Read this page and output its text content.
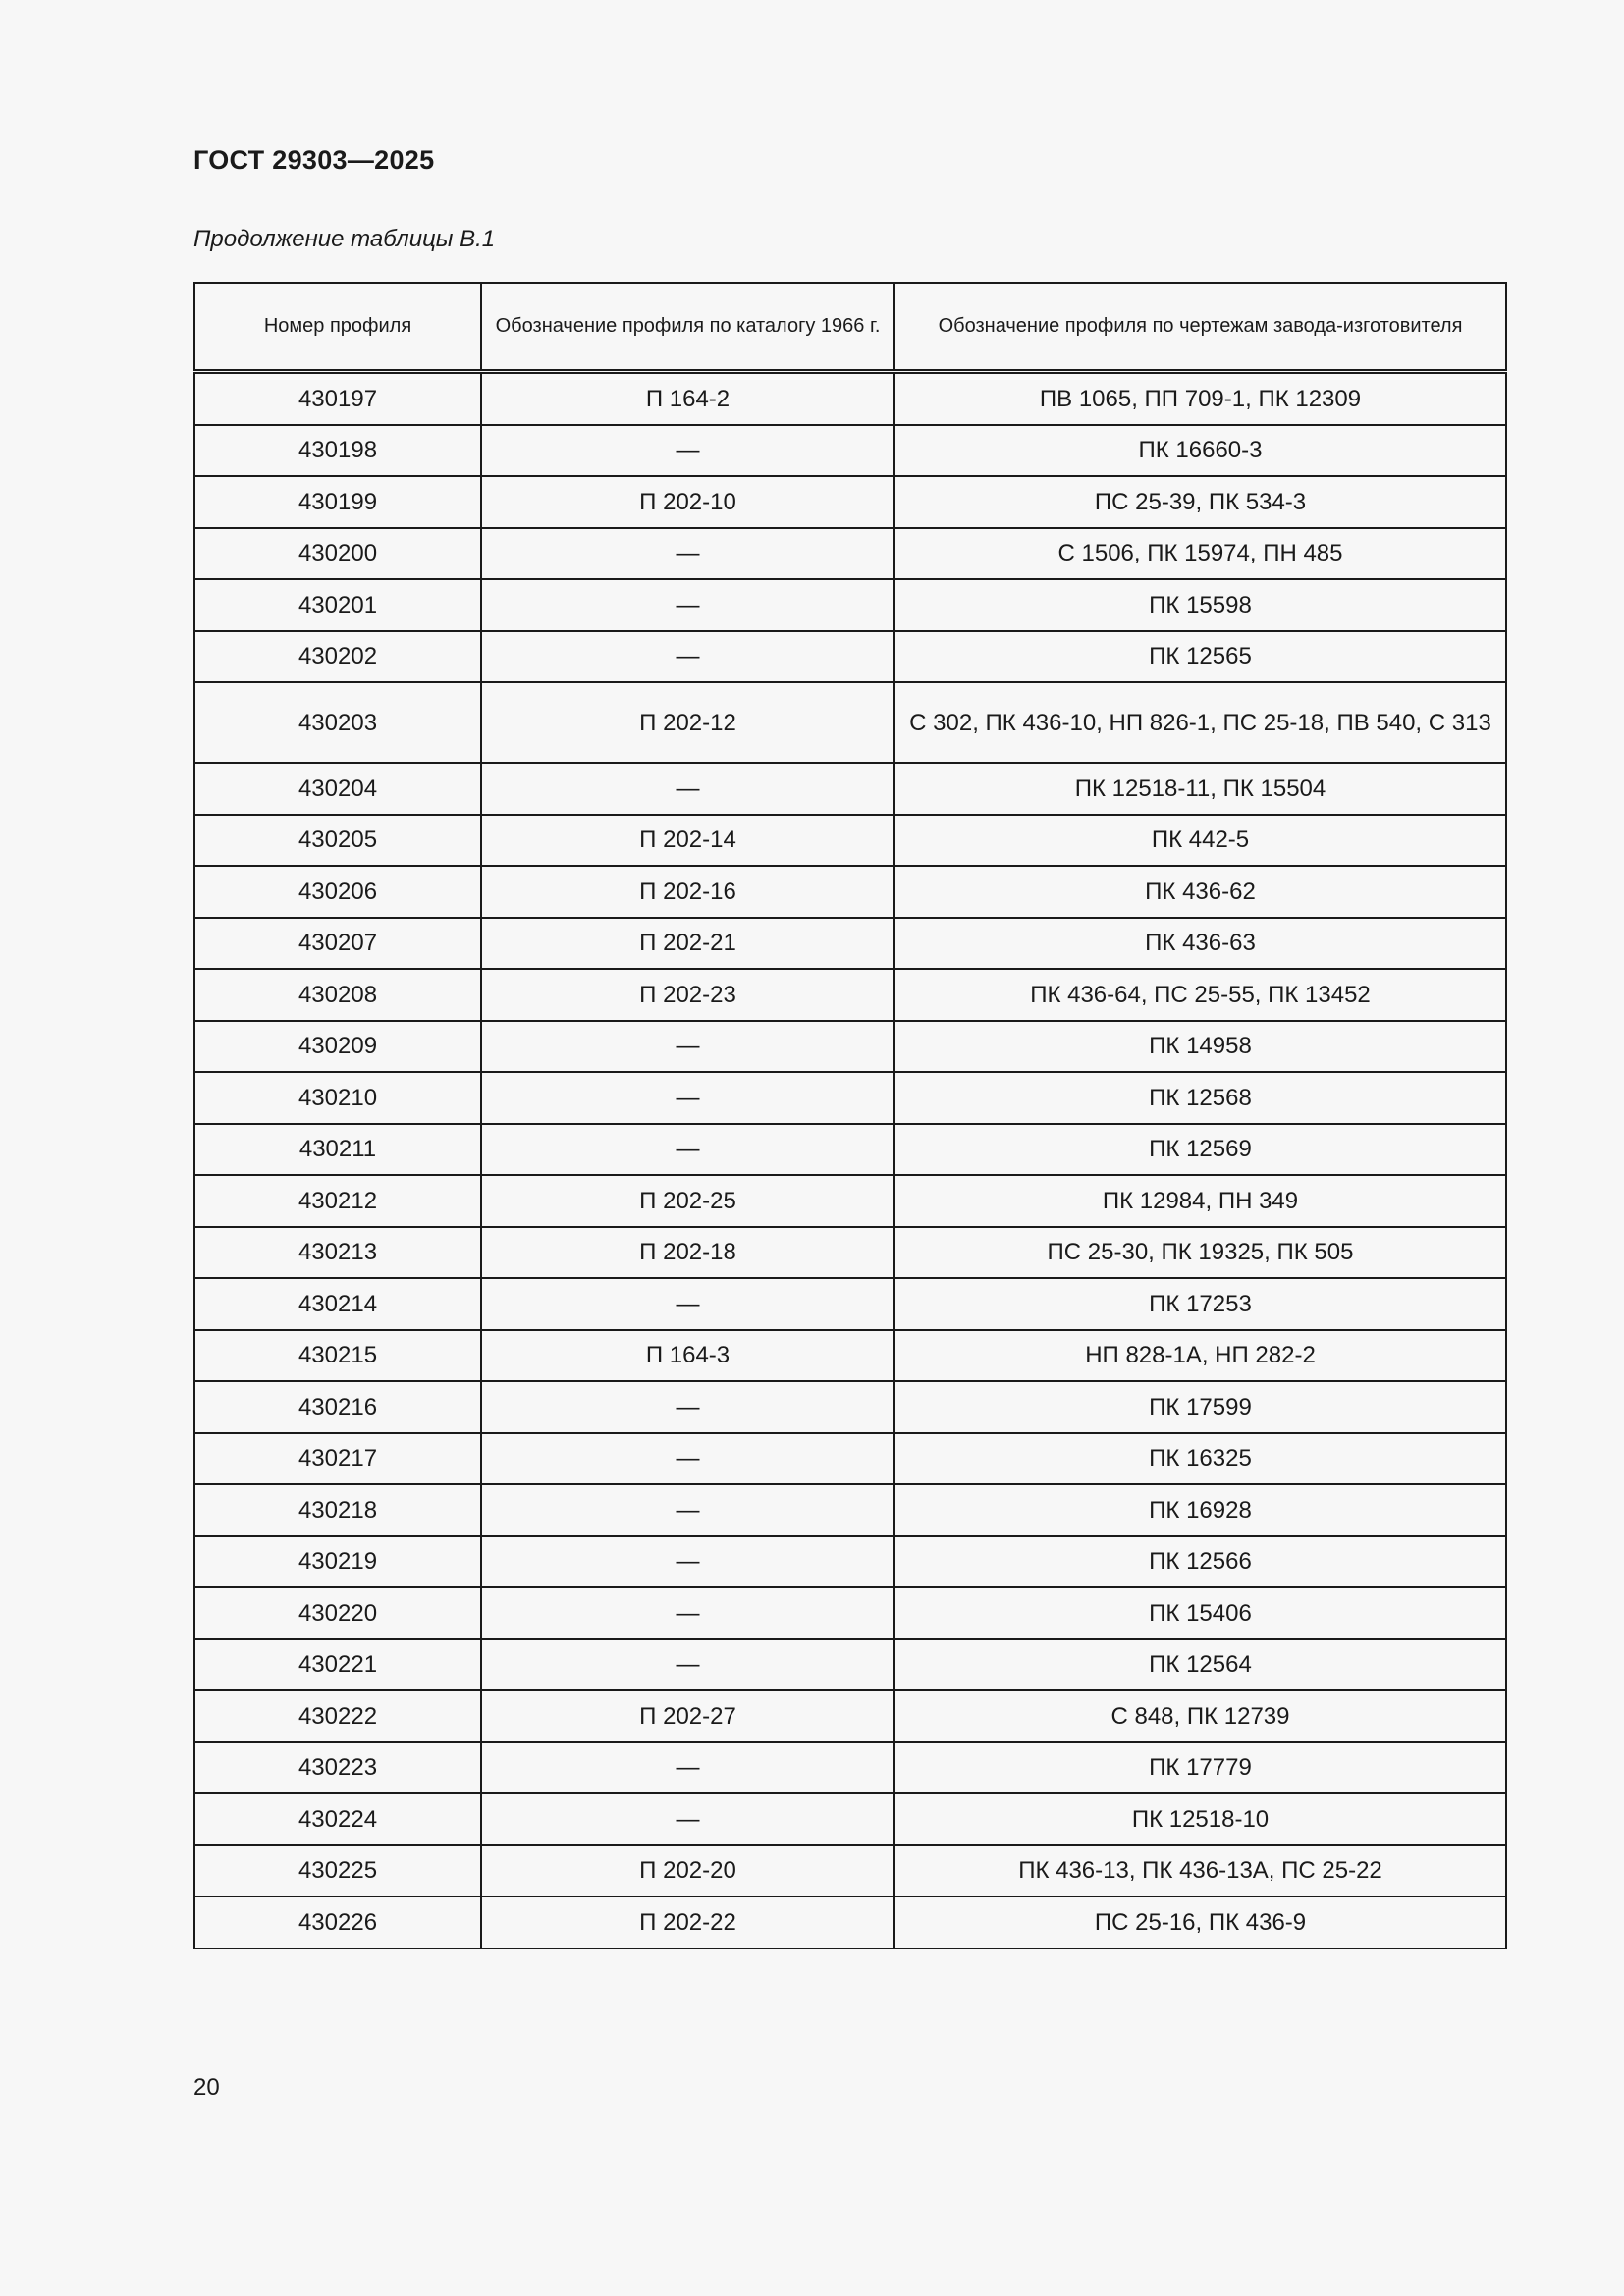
ГОСТ 29303—2025
Продолжение таблицы В.1
Номер профиля	Обозначение профиля по каталогу 1966 г.	Обозначение профиля по чертежам завода-изготовителя
430197	П 164-2	ПВ 1065, ПП 709-1, ПК 12309
430198	—	ПК 16660-3
430199	П 202-10	ПС 25-39, ПК 534-3
430200	—	С 1506, ПК 15974, ПН 485
430201	—	ПК 15598
430202	—	ПК 12565
430203	П 202-12	С 302, ПК 436-10, НП 826-1, ПС 25-18, ПВ 540, С 313
430204	—	ПК 12518-11, ПК 15504
430205	П 202-14	ПК 442-5
430206	П 202-16	ПК 436-62
430207	П 202-21	ПК 436-63
430208	П 202-23	ПК 436-64, ПС 25-55, ПК 13452
430209	—	ПК 14958
430210	—	ПК 12568
430211	—	ПК 12569
430212	П 202-25	ПК 12984, ПН 349
430213	П 202-18	ПС 25-30, ПК 19325, ПК 505
430214	—	ПК 17253
430215	П 164-3	НП 828-1А, НП 282-2
430216	—	ПК 17599
430217	—	ПК 16325
430218	—	ПК 16928
430219	—	ПК 12566
430220	—	ПК 15406
430221	—	ПК 12564
430222	П 202-27	С 848, ПК 12739
430223	—	ПК 17779
430224	—	ПК 12518-10
430225	П 202-20	ПК 436-13, ПК 436-13А, ПС 25-22
430226	П 202-22	ПС 25-16, ПК 436-9
20
